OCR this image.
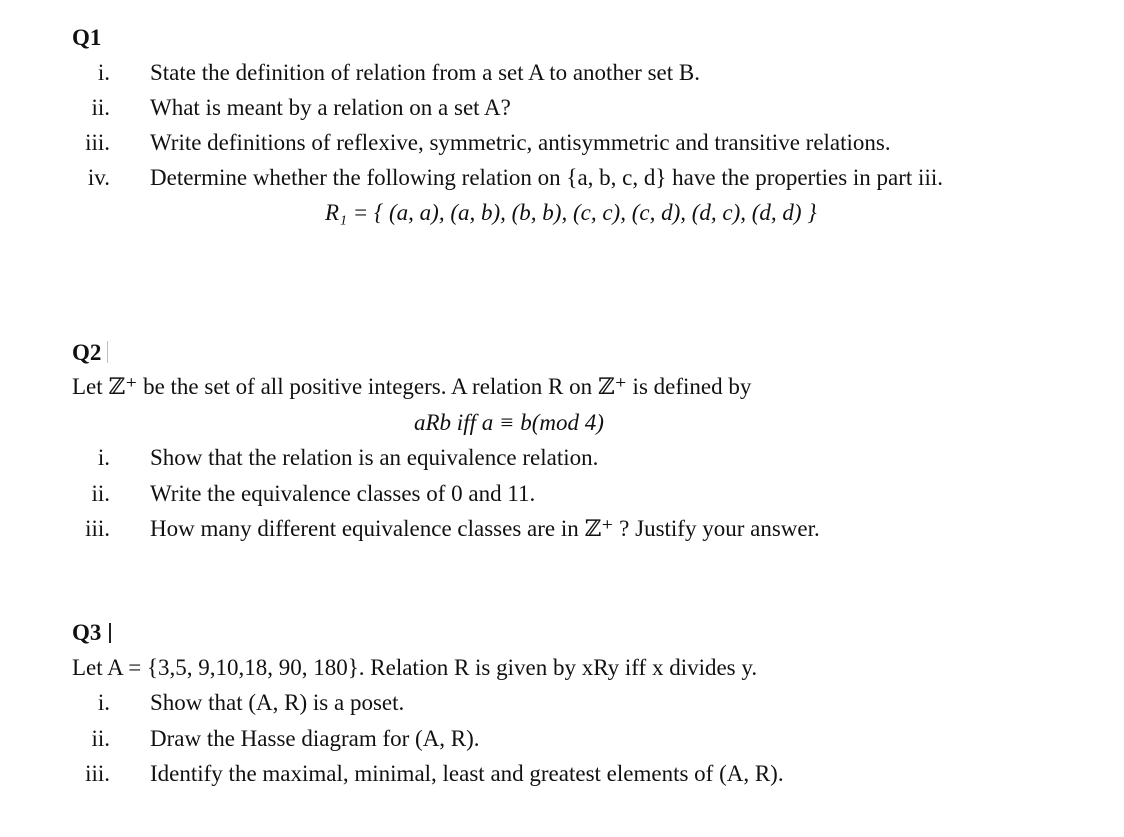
Q1
i. State the definition of relation from a set A to another set B.
ii. What is meant by a relation on a set A?
iii. Write definitions of reflexive, symmetric, antisymmetric and transitive relations.
iv. Determine whether the following relation on {a, b, c, d} have the properties in part iii.
R₁ = { (a, a), (a, b), (b, b), (c, c), (c, d), (d, c), (d, d) }
Q2
Let ℤ⁺ be the set of all positive integers. A relation R on ℤ⁺ is defined by
aRb iff a ≡ b(mod 4)
i. Show that the relation is an equivalence relation.
ii. Write the equivalence classes of 0 and 11.
iii. How many different equivalence classes are in ℤ⁺ ? Justify your answer.
Q3
Let A = {3,5, 9,10,18, 90, 180}. Relation R is given by xRy iff x divides y.
i. Show that (A, R) is a poset.
ii. Draw the Hasse diagram for (A, R).
iii. Identify the maximal, minimal, least and greatest elements of (A, R).
